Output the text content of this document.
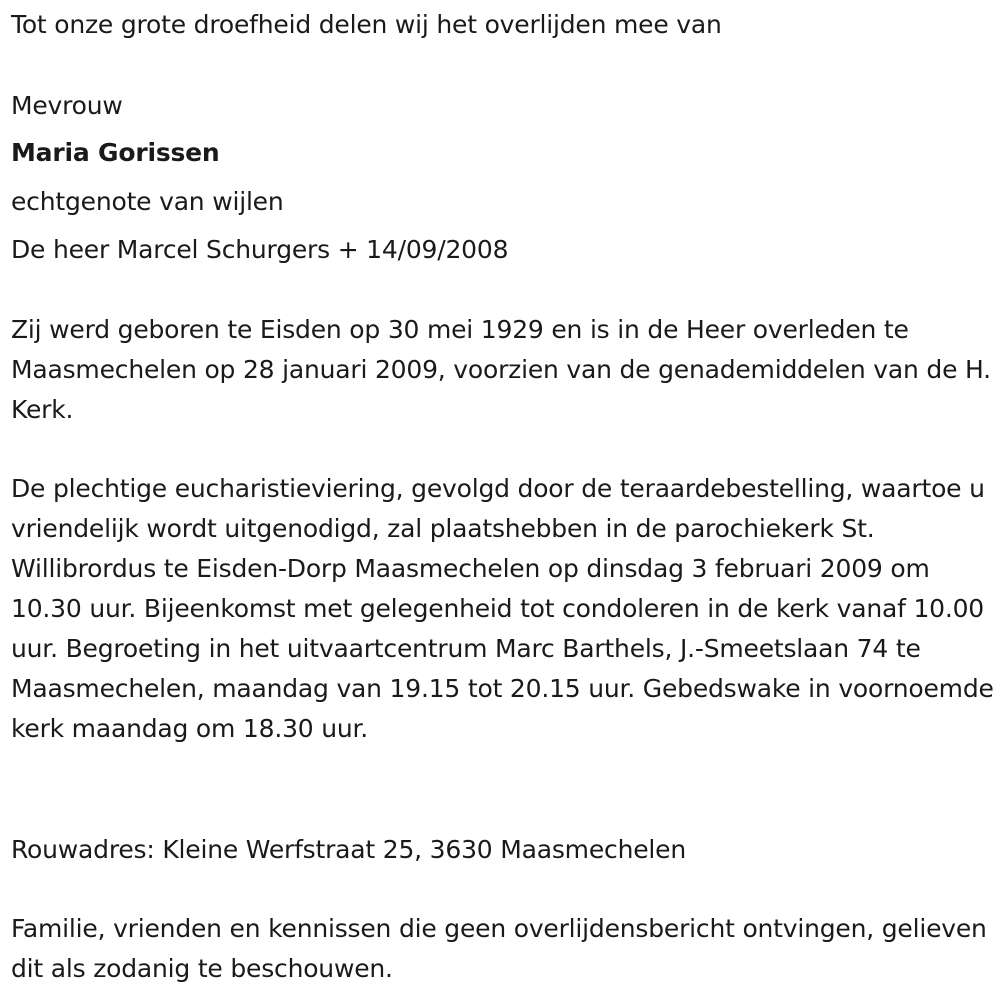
Tot onze grote droefheid delen wij het overlijden mee van
Mevrouw
Maria Gorissen
echtgenote van wijlen
De heer Marcel Schurgers + 14/09/2008
Zij werd geboren te Eisden op 30 mei 1929 en is in de Heer overleden te Maasmechelen op 28 januari 2009, voorzien van de genademiddelen van de H. Kerk.
De plechtige eucharistieviering, gevolgd door de teraardebestelling, waartoe u vriendelijk wordt uitgenodigd, zal plaatshebben in de parochiekerk St. Willibrordus te Eisden-Dorp Maasmechelen op dinsdag 3 februari 2009 om 10.30 uur. Bijeenkomst met gelegenheid tot condoleren in de kerk vanaf 10.00 uur. Begroeting in het uitvaartcentrum Marc Barthels, J.-Smeetslaan 74 te Maasmechelen, maandag van 19.15 tot 20.15 uur. Gebedswake in voornoemde kerk maandag om 18.30 uur.
Rouwadres: Kleine Werfstraat 25, 3630 Maasmechelen
Familie, vrienden en kennissen die geen overlijdensbericht ontvingen, gelieven dit als zodanig te beschouwen.
